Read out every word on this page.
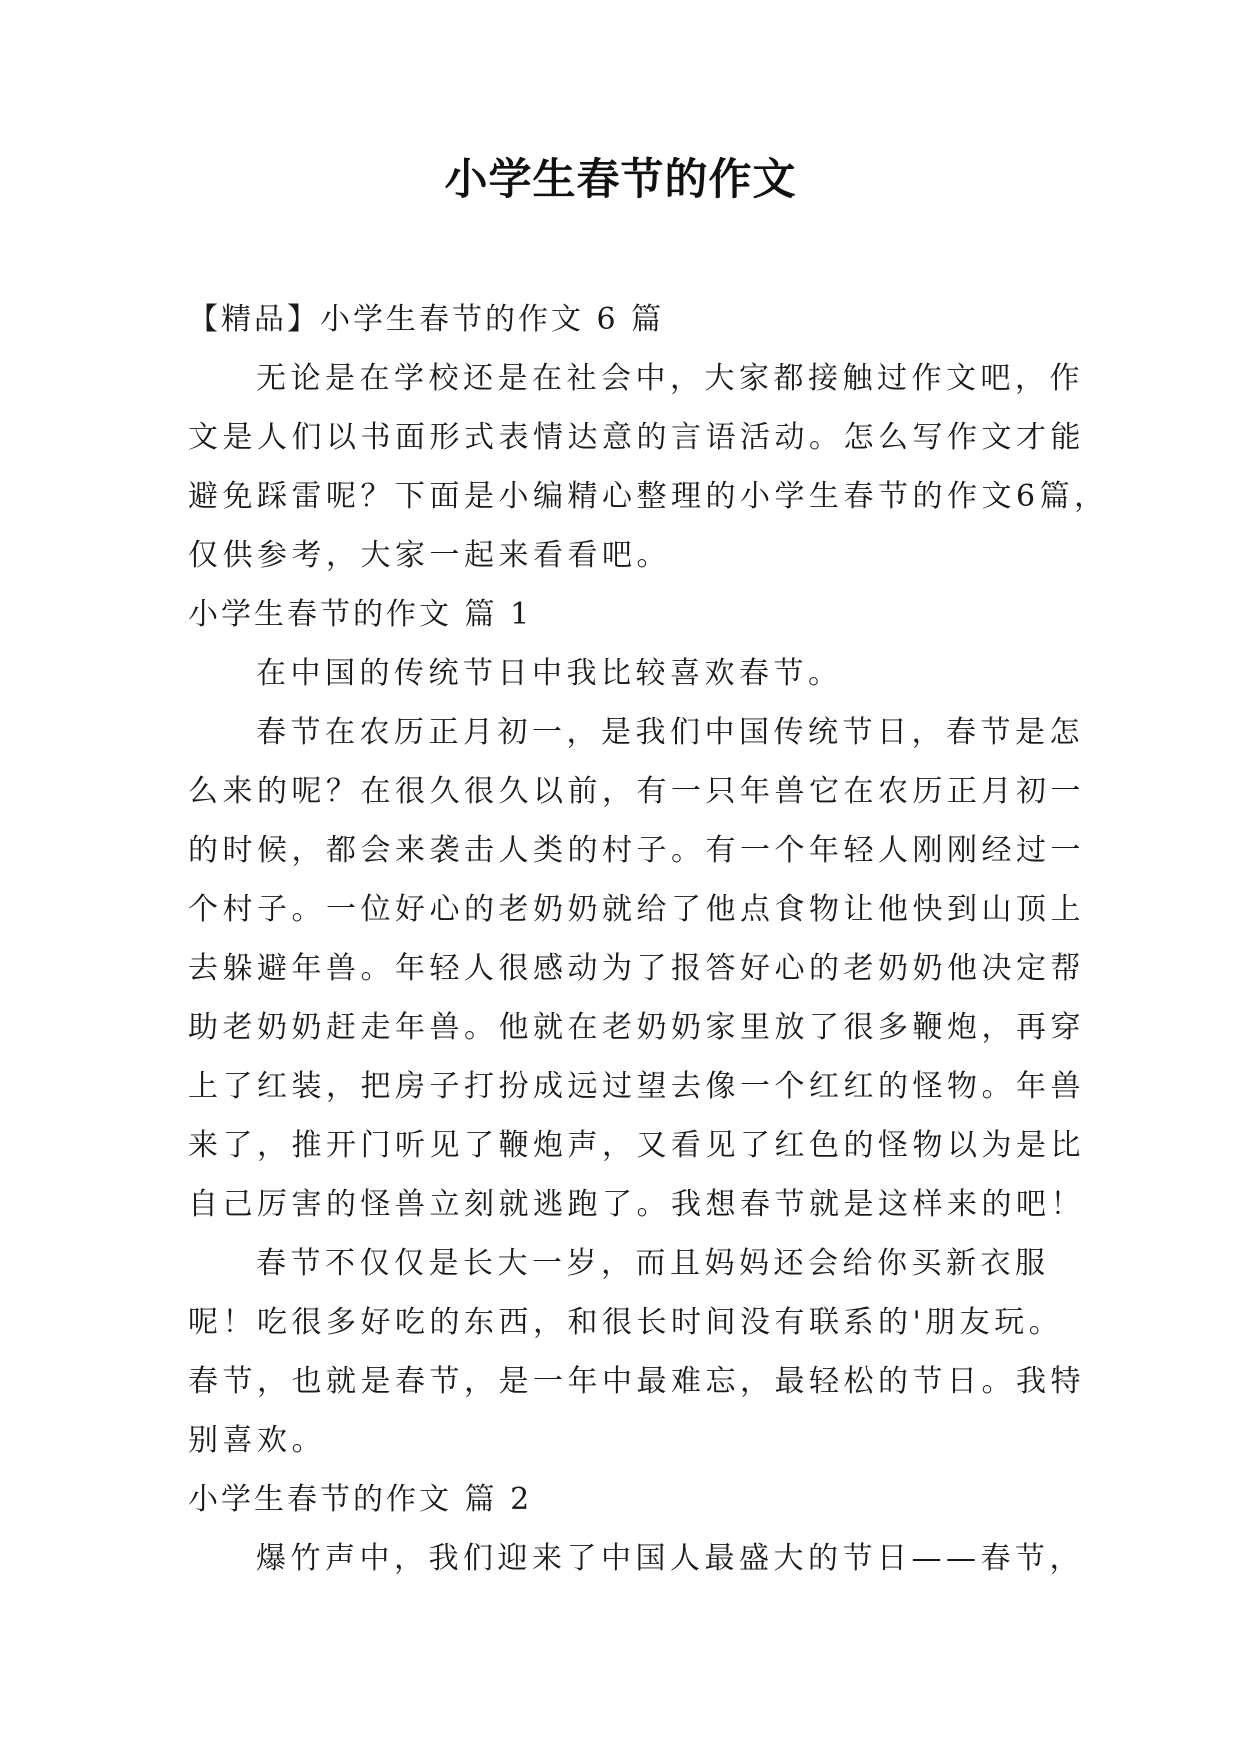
小学生春节的作文

【精品】小学生春节的作文 6 篇

无论是在学校还是在社会中，大家都接触过作文吧，作

文是人们以书面形式表情达意的言语活动。怎么写作文才能

避免踩雷呢？下面是小编精心整理的小学生春节的作文6篇，

仅供参考，大家一起来看看吧。

小学生春节的作文 篇 1

在中国的传统节日中我比较喜欢春节。

春节在农历正月初一，是我们中国传统节日，春节是怎

么来的呢？在很久很久以前，有一只年兽它在农历正月初一

的时候，都会来袭击人类的村子。有一个年轻人刚刚经过一

个村子。一位好心的老奶奶就给了他点食物让他快到山顶上

去躲避年兽。年轻人很感动为了报答好心的老奶奶他决定帮

助老奶奶赶走年兽。他就在老奶奶家里放了很多鞭炮，再穿

上了红装，把房子打扮成远过望去像一个红红的怪物。年兽

来了，推开门听见了鞭炮声，又看见了红色的怪物以为是比

自己厉害的怪兽立刻就逃跑了。我想春节就是这样来的吧！

春节不仅仅是长大一岁，而且妈妈还会给你买新衣服

呢！吃很多好吃的东西，和很长时间没有联系的'朋友玩。

春节，也就是春节，是一年中最难忘，最轻松的节日。我特

别喜欢。

小学生春节的作文 篇 2

爆竹声中，我们迎来了中国人最盛大的节日——春节，
